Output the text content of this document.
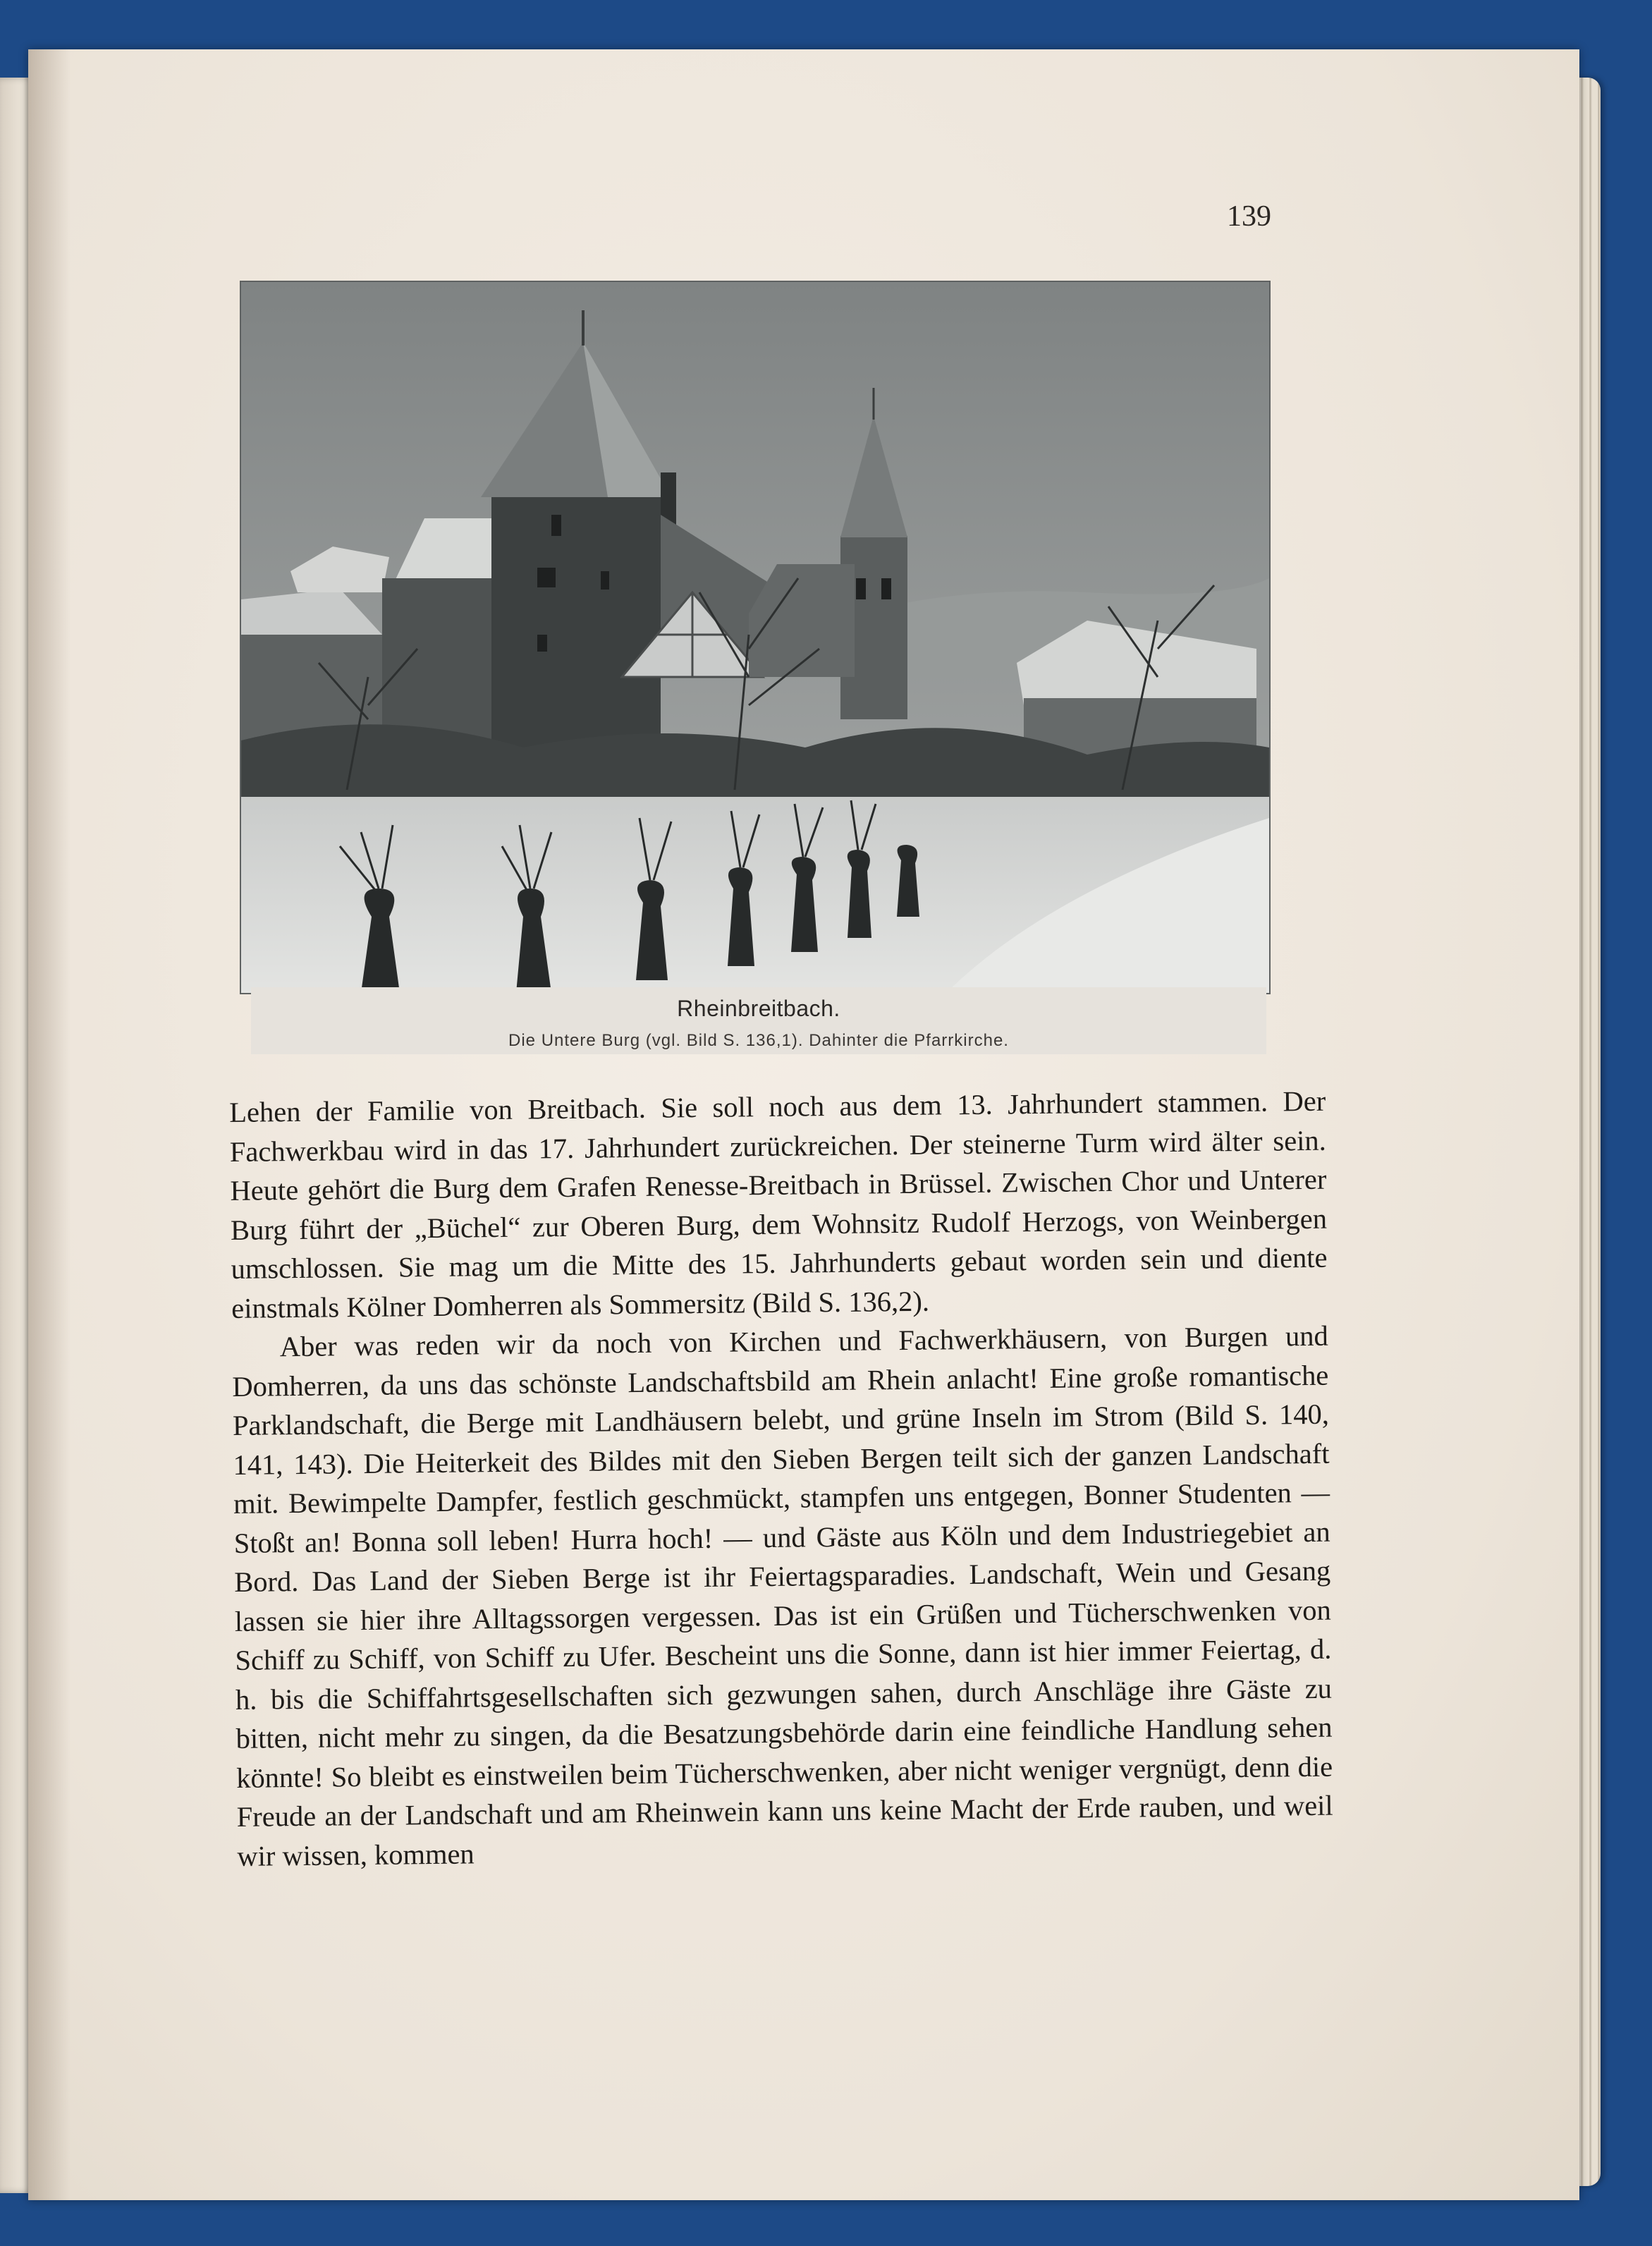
139
Rheinbreitbach.
Die Untere Burg (vgl. Bild S. 136,1). Dahinter die Pfarrkirche.

Lehen der Familie von Breitbach. Sie soll noch aus dem 13. Jahrhundert stammen. Der Fachwerkbau wird in das 17. Jahrhundert zurückreichen. Der steinerne Turm wird älter sein. Heute gehört die Burg dem Grafen Renesse-Breitbach in Brüssel. Zwischen Chor und Unterer Burg führt der „Büchel“ zur Oberen Burg, dem Wohnsitz Rudolf Herzogs, von Weinbergen umschlossen. Sie mag um die Mitte des 15. Jahrhunderts gebaut worden sein und diente einstmals Kölner Domherren als Sommersitz (Bild S. 136,2).

Aber was reden wir da noch von Kirchen und Fachwerkhäusern, von Burgen und Domherren, da uns das schönste Landschaftsbild am Rhein anlacht! Eine große romantische Parklandschaft, die Berge mit Landhäusern belebt, und grüne Inseln im Strom (Bild S. 140, 141, 143). Die Heiterkeit des Bildes mit den Sieben Bergen teilt sich der ganzen Landschaft mit. Bewimpelte Dampfer, festlich geschmückt, stampfen uns entgegen, Bonner Studenten — Stoßt an! Bonna soll leben! Hurra hoch! — und Gäste aus Köln und dem Industriegebiet an Bord. Das Land der Sieben Berge ist ihr Feiertagsparadies. Landschaft, Wein und Gesang lassen sie hier ihre Alltagssorgen vergessen. Das ist ein Grüßen und Tücherschwenken von Schiff zu Schiff, von Schiff zu Ufer. Bescheint uns die Sonne, dann ist hier immer Feiertag, d. h. bis die Schiffahrtsgesellschaften sich gezwungen sahen, durch Anschläge ihre Gäste zu bitten, nicht mehr zu singen, da die Besatzungsbehörde darin eine feindliche Handlung sehen könnte! So bleibt es einstweilen beim Tücherschwenken, aber nicht weniger vergnügt, denn die Freude an der Landschaft und am Rheinwein kann uns keine Macht der Erde rauben, und weil wir wissen, kommen
